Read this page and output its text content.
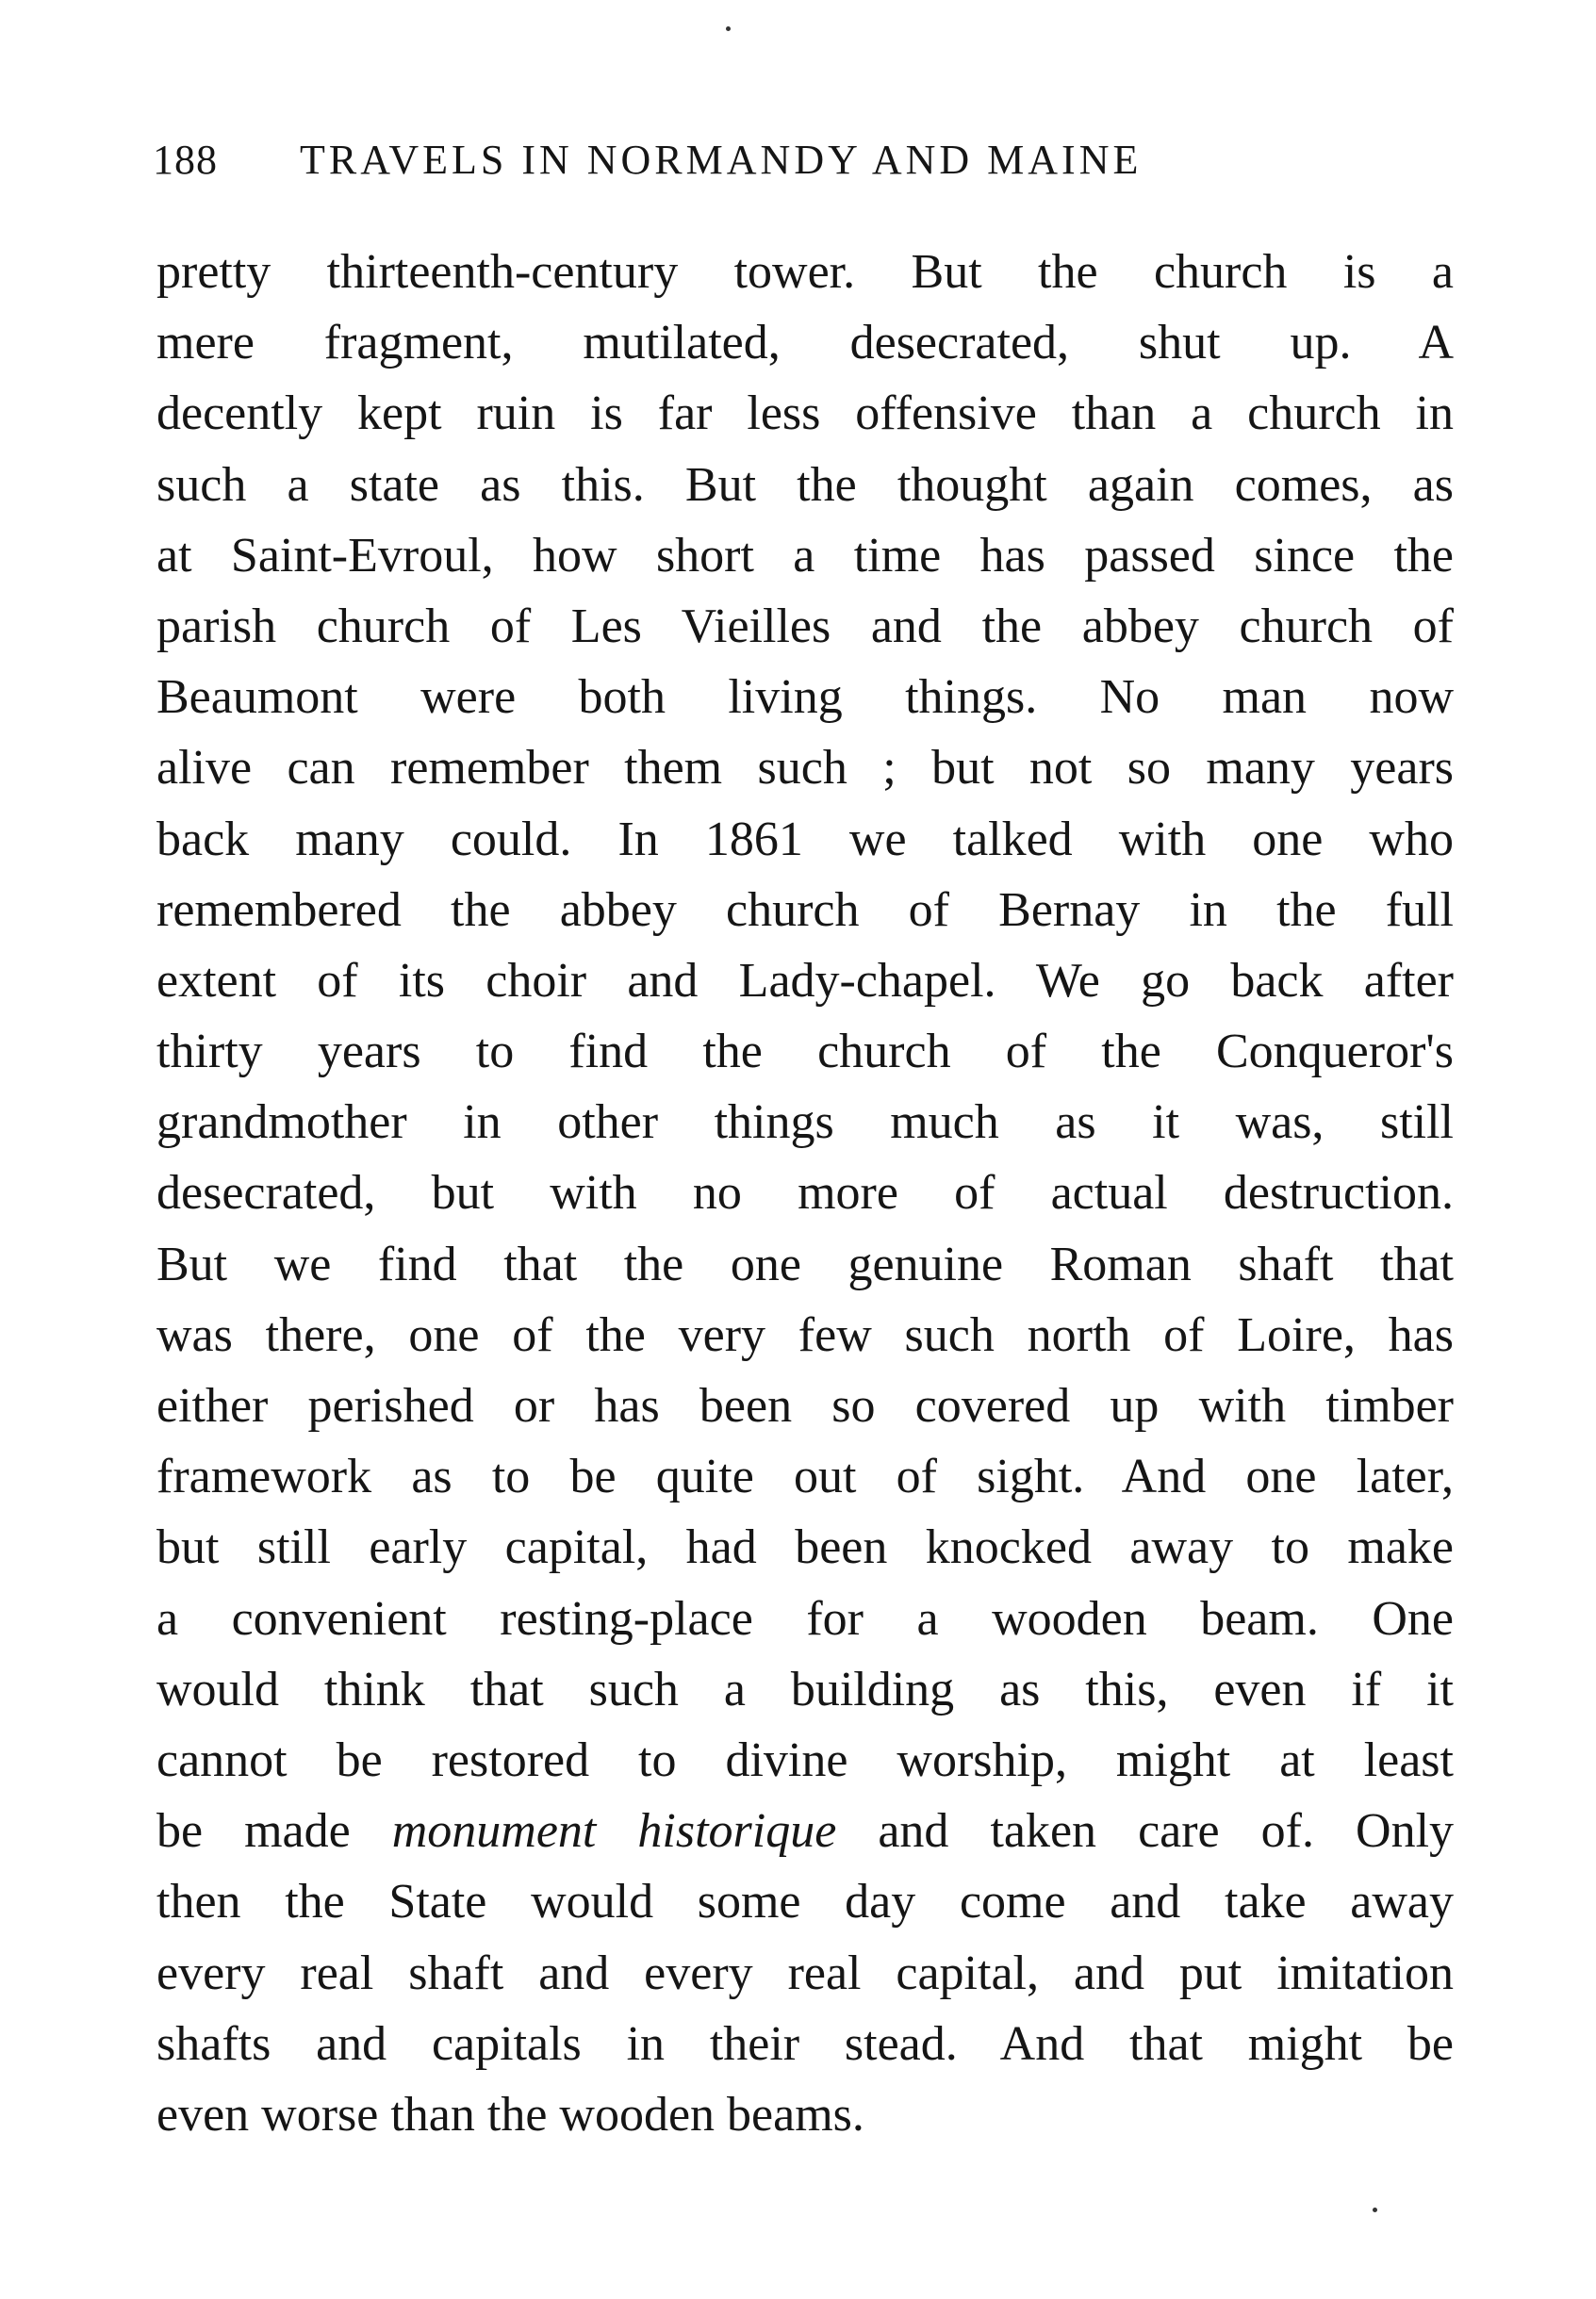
188 TRAVELS IN NORMANDY AND MAINE
pretty thirteenth-century tower. But the church is a
mere fragment, mutilated, desecrated, shut up. A
decently kept ruin is far less offensive than a church in
such a state as this. But the thought again comes, as
at Saint-Evroul, how short a time has passed since the
parish church of Les Vieilles and the abbey church of
Beaumont were both living things. No man now
alive can remember them such ; but not so many years
back many could. In 1861 we talked with one who
remembered the abbey church of Bernay in the full
extent of its choir and Lady-chapel. We go back after
thirty years to find the church of the Conqueror's
grandmother in other things much as it was, still
desecrated, but with no more of actual destruction.
But we find that the one genuine Roman shaft that
was there, one of the very few such north of Loire, has
either perished or has been so covered up with timber
framework as to be quite out of sight. And one later,
but still early capital, had been knocked away to make
a convenient resting-place for a wooden beam. One
would think that such a building as this, even if it
cannot be restored to divine worship, might at least
be made monument historique and taken care of. Only
then the State would some day come and take away
every real shaft and every real capital, and put imitation
shafts and capitals in their stead. And that might be
even worse than the wooden beams.
